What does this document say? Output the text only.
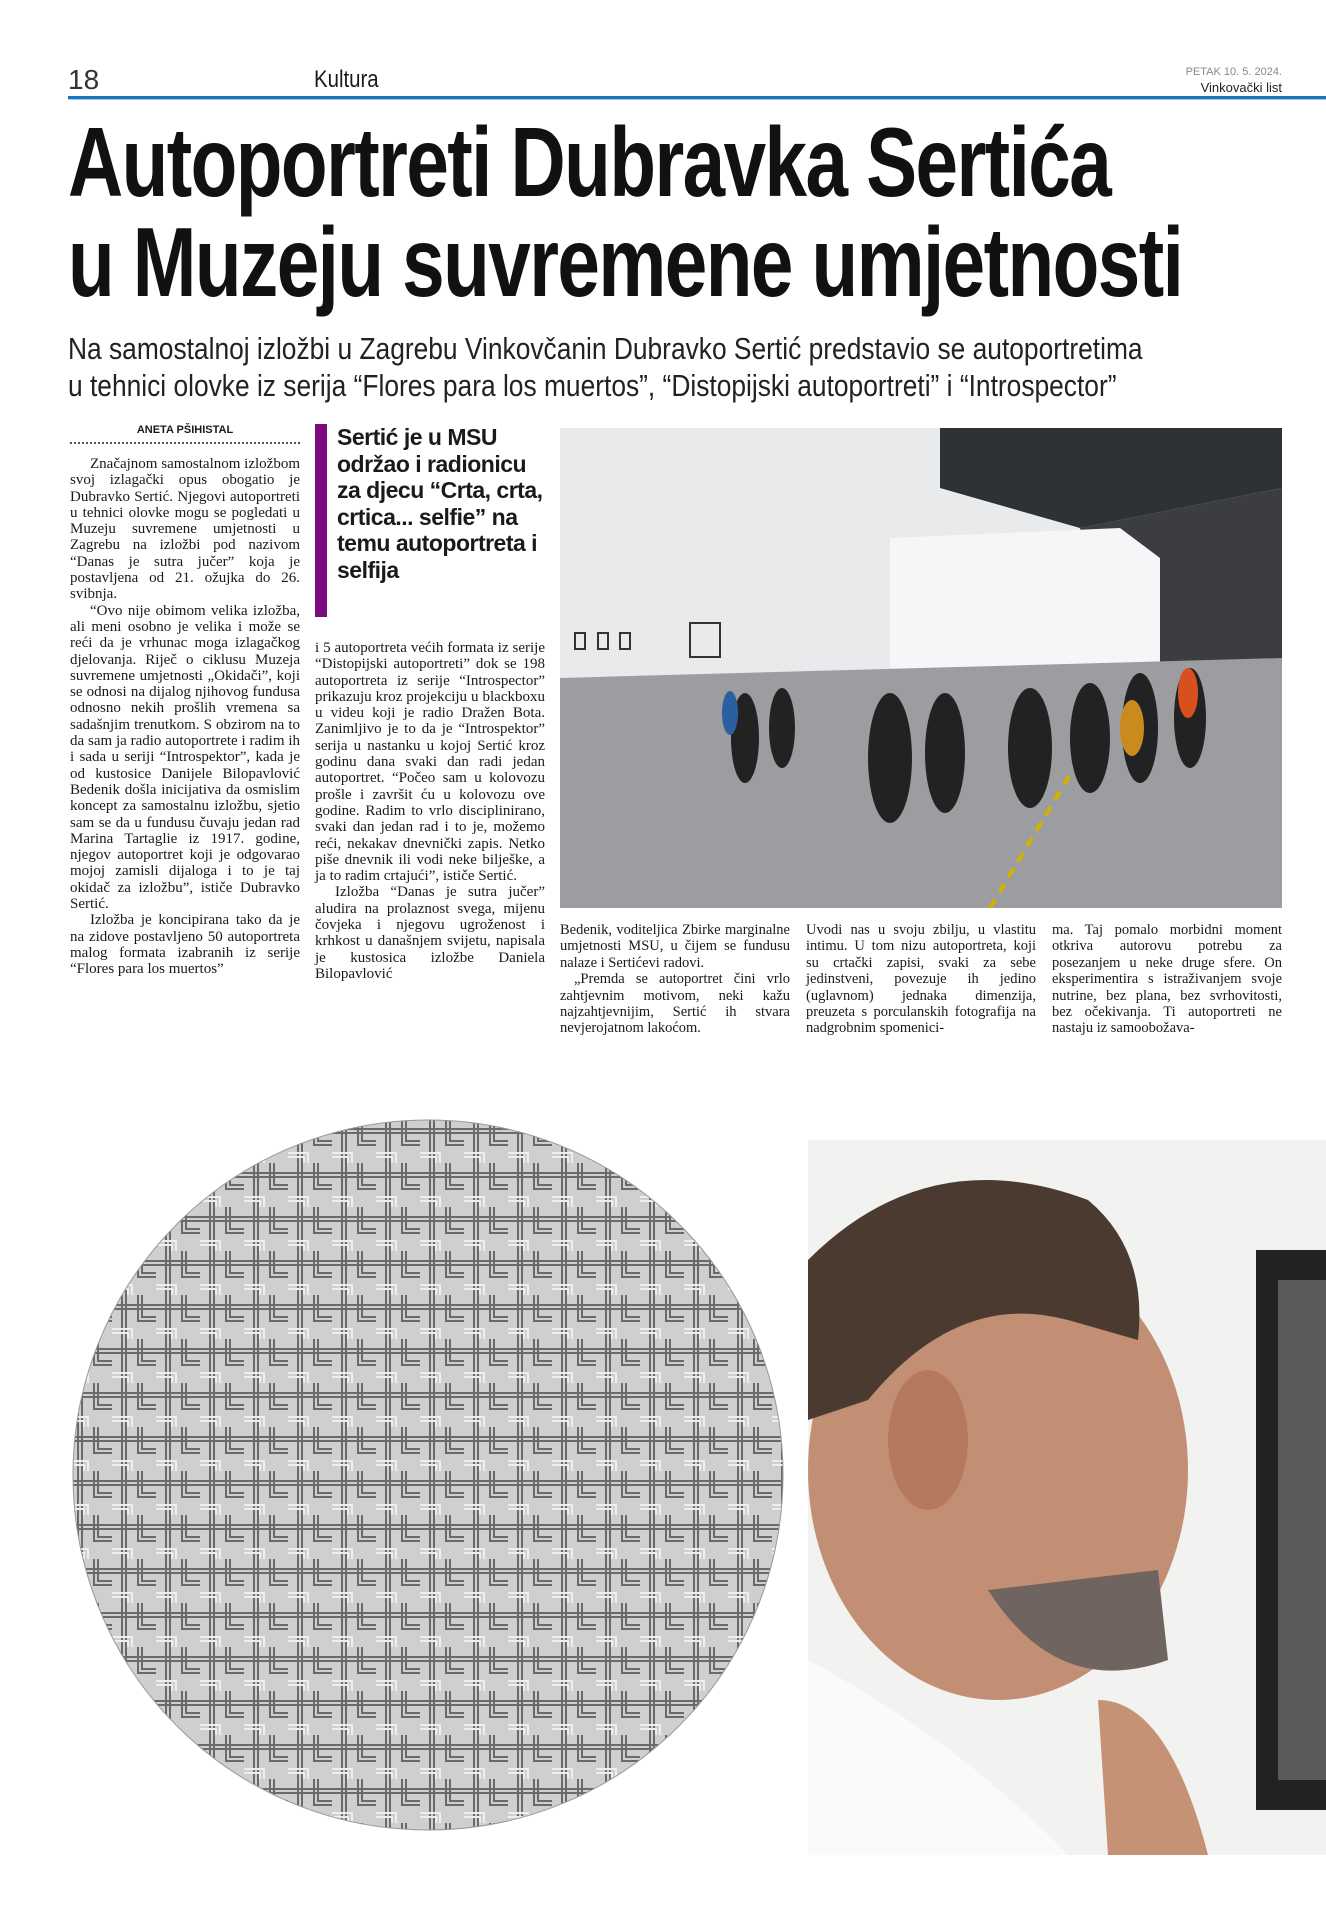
18	Kultura	PETAK 10. 5. 2024.
Vinkovački list
Autoportreti Dubravka Sertića
u Muzeju suvremene umjetnosti
Na samostalnoj izložbi u Zagrebu Vinkovčanin Dubravko Sertić predstavio se autoportretima
u tehnici olovke iz serija “Flores para los muertos”, “Distopijski autoportreti” i “Introspector”
ANETA PŠIHISTAL

Značajnom samostalnom izložbom svoj izlagački opus obogatio je Dubravko Sertić. Njegovi autoportreti u tehnici olovke mogu se pogledati u Muzeju suvremene umjetnosti u Zagrebu na izložbi pod nazivom “Danas je sutra jučer” koja je postavljena od 21. ožujka do 26. svibnja.

“Ovo nije obimom velika izložba, ali meni osobno je velika i može se reći da je vrhunac moga izlagačkog djelovanja. Riječ o ciklusu Muzeja suvremene umjetnosti „Okidači”, koji se odnosi na dijalog njihovog fundusa odnosno nekih prošlih vremena sa sadašnjim trenutkom. S obzirom na to da sam ja radio autoportrete i radim ih i sada u seriji “Introspektor”, kada je od kustosice Danijele Bilopavlović Bedenik došla inicijativa da osmislim koncept za samostalnu izložbu, sjetio sam se da u fundusu čuvaju jedan rad Marina Tartaglie iz 1917. godine, njegov autoportret koji je odgovarao mojoj zamisli dijaloga i to je taj okidač za izložbu”, ističe Dubravko Sertić.

Izložba je koncipirana tako da je na zidove postavljeno 50 autoportreta malog formata izabranih iz serije “Flores para los muertos”

Sertić je u MSU održao i radionicu za djecu “Crta, crta, crtica... selfie” na temu autoportreta i selfija

i 5 autoportreta većih formata iz serije “Distopijski autoportreti” dok se 198 autoportreta iz serije “Introspector” prikazuju kroz projekciju u blackboxu u videu koji je radio Dražen Bota. Zanimljivo je to da je “Introspektor” serija u nastanku u kojoj Sertić kroz godinu dana svaki dan radi jedan autoportret. “Počeo sam u kolovozu prošle i završit ću u kolovozu ove godine. Radim to vrlo disciplinirano, svaki dan jedan rad i to je, možemo reći, nekakav dnevnički zapis. Netko piše dnevnik ili vodi neke bilješke, a ja to radim crtajući”, ističe Sertić.

Izložba “Danas je sutra jučer” aludira na prolaznost svega, mijenu čovjeka i njegovu ugroženost i krhkost u današnjem svijetu, napisala je kustosica izložbe Daniela Bilopavlović

Bedenik, voditeljica Zbirke marginalne umjetnosti MSU, u čijem se fundusu nalaze i Sertićevi radovi.

„Premda se autoportret čini vrlo zahtjevnim motivom, neki kažu najzahtjevnijim, Sertić ih stvara nevjerojatnom lakoćom.

Uvodi nas u svoju zbilju, u vlastitu intimu. U tom nizu autoportreta, koji su crtački zapisi, svaki za sebe jedinstveni, povezuje ih jedino (uglavnom) jednaka dimenzija, preuzeta s porculanskih fotografija na nadgrobnim spomenici-

ma. Taj pomalo morbidni moment otkriva autorovu potrebu za posezanjem u neke druge sfere. On eksperimentira s istraživanjem svoje nutrine, bez plana, bez svrhovitosti, bez očekivanja. Ti autoportreti ne nastaju iz samoobožava-
